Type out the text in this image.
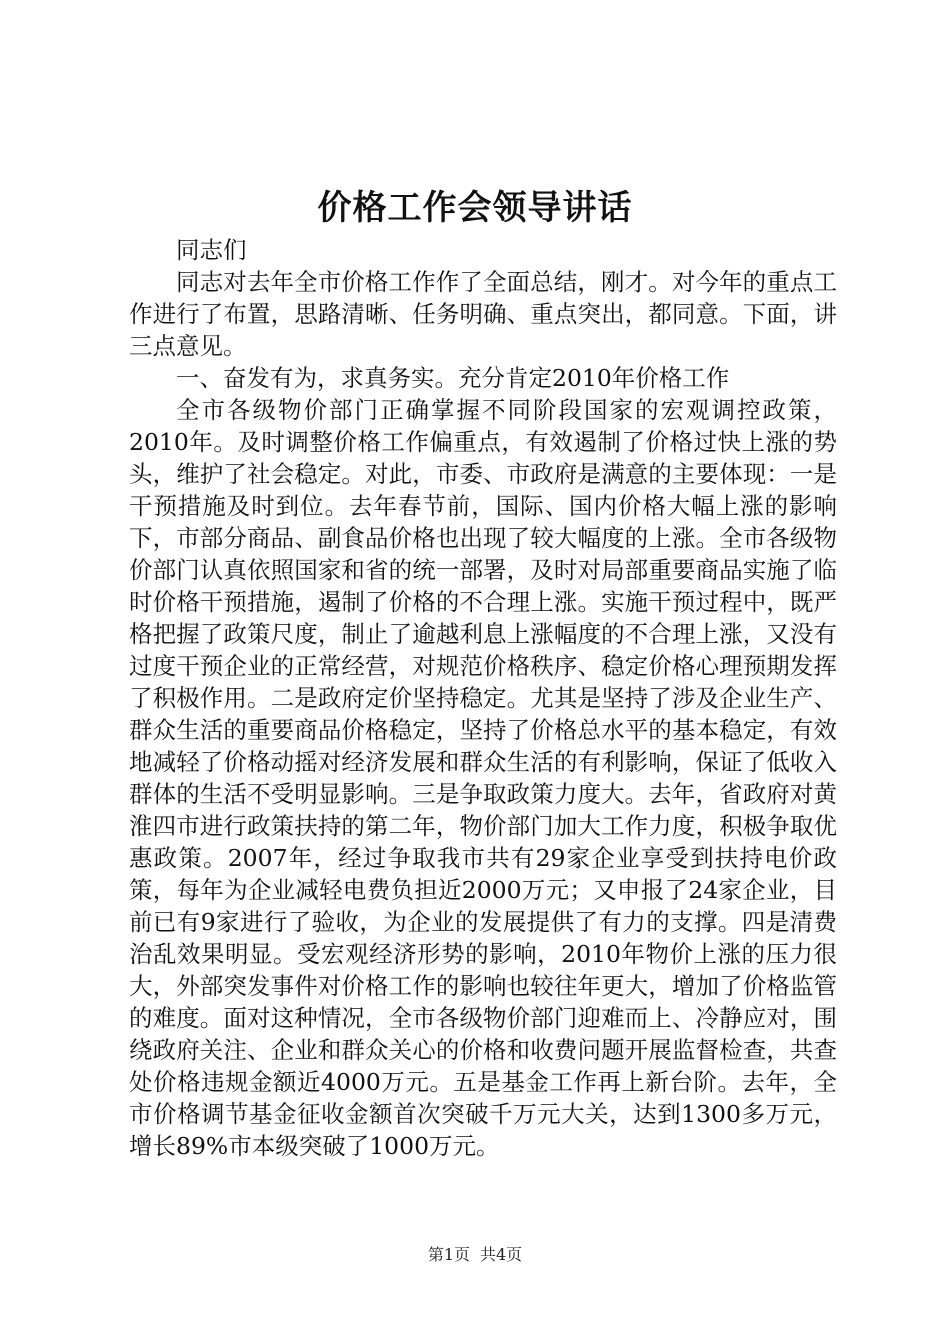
价格工作会领导讲话

同志们

同志对去年全市价格工作作了全面总结，刚才。对今年的重点工作进行了布置，思路清晰、任务明确、重点突出，都同意。下面，讲三点意见。

一、奋发有为，求真务实。充分肯定2010年价格工作

全市各级物价部门正确掌握不同阶段国家的宏观调控政策，2010年。及时调整价格工作偏重点，有效遏制了价格过快上涨的势头，维护了社会稳定。对此，市委、市政府是满意的主要体现：一是干预措施及时到位。去年春节前，国际、国内价格大幅上涨的影响下，市部分商品、副食品价格也出现了较大幅度的上涨。全市各级物价部门认真依照国家和省的统一部署，及时对局部重要商品实施了临时价格干预措施，遏制了价格的不合理上涨。实施干预过程中，既严格把握了政策尺度，制止了逾越利息上涨幅度的不合理上涨，又没有过度干预企业的正常经营，对规范价格秩序、稳定价格心理预期发挥了积极作用。二是政府定价坚持稳定。尤其是坚持了涉及企业生产、群众生活的重要商品价格稳定，坚持了价格总水平的基本稳定，有效地减轻了价格动摇对经济发展和群众生活的有利影响，保证了低收入群体的生活不受明显影响。三是争取政策力度大。去年，省政府对黄淮四市进行政策扶持的第二年，物价部门加大工作力度，积极争取优惠政策。2007年，经过争取我市共有29家企业享受到扶持电价政策，每年为企业减轻电费负担近2000万元；又申报了24家企业，目前已有9家进行了验收，为企业的发展提供了有力的支撑。四是清费治乱效果明显。受宏观经济形势的影响，2010年物价上涨的压力很大，外部突发事件对价格工作的影响也较往年更大，增加了价格监管的难度。面对这种情况，全市各级物价部门迎难而上、冷静应对，围绕政府关注、企业和群众关心的价格和收费问题开展监督检查，共查处价格违规金额近4000万元。五是基金工作再上新台阶。去年，全市价格调节基金征收金额首次突破千万元大关，达到1300多万元，增长89%市本级突破了1000万元。

第1页 共4页
